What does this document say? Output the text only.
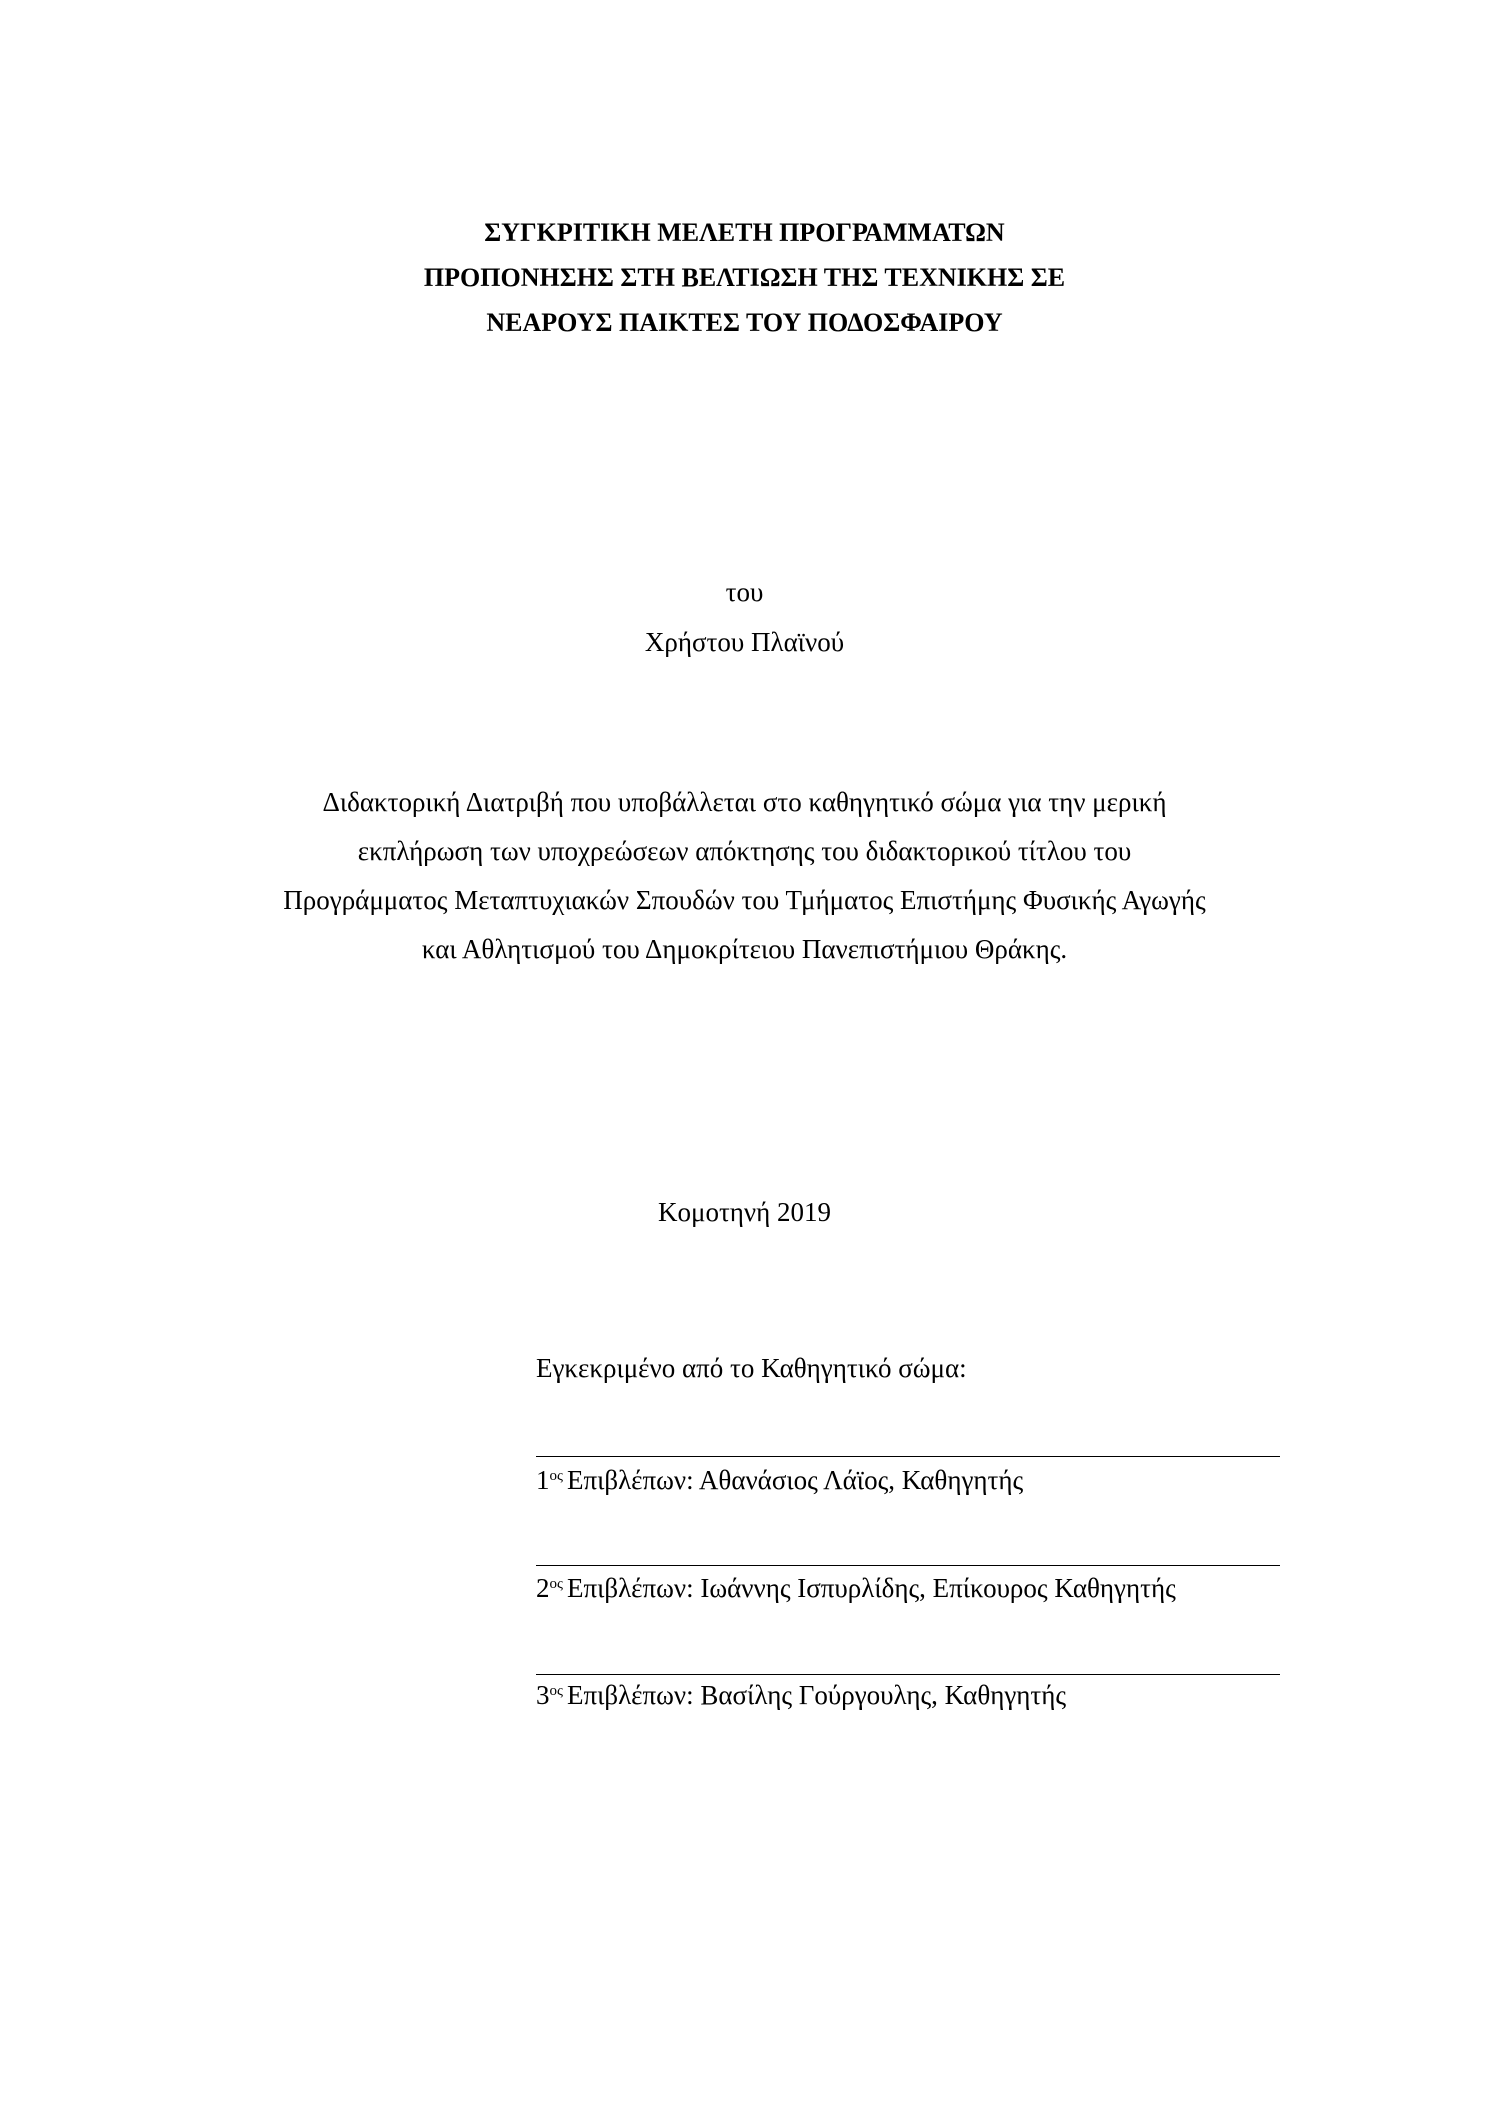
ΣΥΓΚΡΙΤΙΚΗ ΜΕΛΕΤΗ ΠΡΟΓΡΑΜΜΑΤΩΝ
ΠΡΟΠΟΝΗΣΗΣ ΣΤΗ ΒΕΛΤΙΩΣΗ ΤΗΣ ΤΕΧΝΙΚΗΣ ΣΕ
ΝΕΑΡΟΥΣ ΠΑΙΚΤΕΣ ΤΟΥ ΠΟΔΟΣΦΑΙΡΟΥ
του
Χρήστου Πλαϊνού
Διδακτορική Διατριβή που υποβάλλεται στο καθηγητικό σώμα για την μερική
εκπλήρωση των υποχρεώσεων απόκτησης του διδακτορικού τίτλου του
Προγράμματος Μεταπτυχιακών Σπουδών του Τμήματος Επιστήμης Φυσικής Αγωγής
και Αθλητισμού του Δημοκρίτειου Πανεπιστήμιου Θράκης.
Κομοτηνή 2019
Εγκεκριμένο από το Καθηγητικό σώμα:
$1^{o\varsigma}$ Επιβλέπων: Αθανάσιος Λάϊος, Καθηγητής
$2^{o\varsigma}$ Επιβλέπων: Ιωάννης Ισπυρλίδης, Επίκουρος Καθηγητής
$3^{o\varsigma}$ Επιβλέπων: Βασίλης Γούργουλης, Καθηγητής
